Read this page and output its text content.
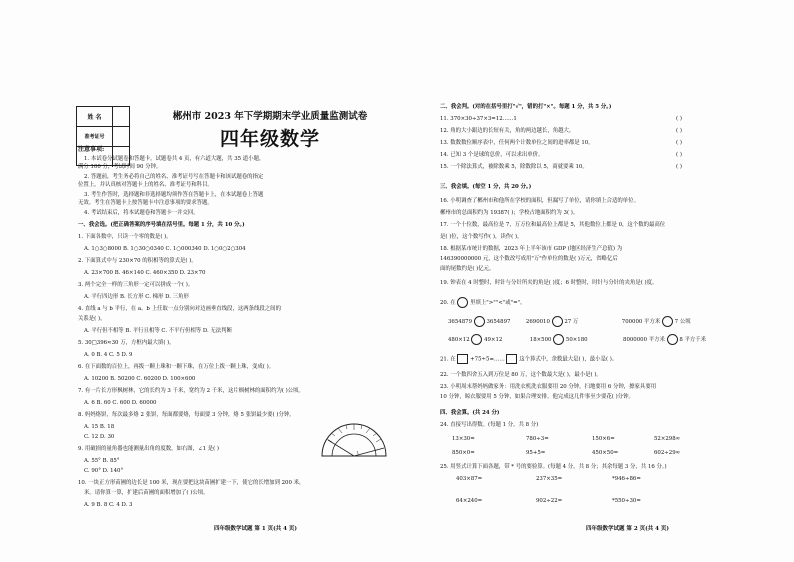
姓 名
准考证号
郴州市 2023 年下学期期末学业质量监测试卷
四年级数学
注意事项:
1. 本试卷分试题卷和答题卡。试题卷共 4 页，有六道大题，共 35 道小题，
满分 100 分，考试时间 90 分钟。
2. 答题前，考生务必将自己的姓名、准考证号写在答题卡和该试题卷的指定
位置上，并认真核对答题卡上的姓名、准考证号和科目。
3. 考生作答时，选择题和非选择题均须作答在答题卡上，在本试题卷上答题
无效。考生在答题卡上按答题卡中注意事项的要求答题。
4. 考试结束后，将本试题卷和答题卡一并交回。
一、我会选。(把正确答案的序号填在括号里。每题 1 分，共 10 分。)
1. 下面各数中，只读一个零的数是( )。
A. 1○3○8000 B. 1○30○0340 C. 1○000340 D. 1○0○2○304
2. 下面算式中与 230×70 的积相等的算式是( )。
A. 23×700 B. 46×140 C. 460×350 D. 23×70
3. 两个完全一样的三角形一定可以拼成一个( )。
A. 平行四边形 B. 长方形 C. 梯形 D. 三角形
4. 直线 a 与 b 平行，在 a、b 上任取一点分别向对边画垂直线段，这两条线段之间的
关系是( )。
A. 平行但不相等 B. 平行且相等 C. 不平行但相等 D. 无法判断
5. 30□396≈30 万，方框内最大填( )。
A. 0 B. 4 C. 5 D. 9
6. 在下面数的百位上，再拨一颗上珠和一颗下珠，在万位上拨一颗上珠，变成( )。
A. 10200 B. 50200 C. 60200 D. 100×600
7. 有一片长方形枫树林，它的长约为 3 千米，宽约为 2 千米，这片枫树林的面积约为( )公顷。
A. 6 B. 60 C. 600 D. 60000
8. 妈妈烙饼，每次最多烙 2 张饼，每面都要烙，每面要 3 分钟，烙 5 张饼最少要( )分钟。
A. 15 B. 18
C. 12 D. 30
9. 用破损的量角器也能测量出角的度数，如右图，∠1 是( )
A. 55° B. 85°
C. 90° D. 140°
10. 一块正方形苗圃的边长是 100 米，现在要把这块苗圃扩建一下，使它的长增加到 200 米，
米。请你算一算，扩建后苗圃的面积增加了( )公顷。
A. 9 B. 8 C. 4 D. 3
四年级数学试题 第 1 页(共 4 页)
二、我会判。(对的在括号里打"√"，错的打"×"。每题 1 分，共 5 分。)
11. 370×30÷37×3=12……1	( )
12. 角的大小跟边的长短有关，角的两边越长，角越大。	( )
13. 数数数位顺序表中，任何两个计数单位之间的进率都是 10。	( )
14. 已知 3 个是球的总价，可以求出单价。	( )
15. 一个除法算式，被除数乘 5，除数除以 5，商就要乘 10。	( )
三、我会填。(每空 1 分，共 20 分。)
16. 小明调查了郴州市和他所在学校的面积，但漏写了单位，请你填上合适的单位。
郴州市的总面积约为 19387( )；学校占地面积约为 3( )。
17. 一个十位数，最高位是 7，万万位和最高位上都是 5，其他数位上都是 0，这个数的最高位
是( )位，这个数写作( )，读作( )。
18. 根据某市统计的数据，2023 年上半年该市 GDP (地区经济生产总值) 为
146390000000 元，这个数改写成用"万"作单位的数是( )万元，省略亿后
面的尾数约是( )亿元。
19. 钟表在 4 时整时，时针与分针所夹的角是( )度；6 时整时，时针与分针的夹角是( )度。
20. 在	里填上">""<"或"="。
3654879	3654897	2690010	27 万	700000 平方米	7 公顷
480×12	49×12	18×500	50×180	8000000 平方米	8 平方千米
21. 在	+75÷5=……	这个算式中，余数最大是( )，最小是( )。
22. 一个数四舍五入到万位是 80 万，这个数最大是( )，最小是( )。
23. 小明周末帮妈妈做家务：用洗衣机洗衣服要用 20 分钟，扫地要用 6 分钟，擦家具要用
10 分钟，晾衣服要用 5 分钟，如果合理安排，他完成这几件事至少要花( )分钟。
四、我会算。(共 24 分)
24. 直接写出得数。(每题 1 分，共 8 分)
13×30=	780÷3=	150×6=	52×298≈
850×0=	95+5=	450×50=	602÷29≈
25. 用竖式计算下面各题，带 * 号的要验算。(每题 4 分，共 8 分；其余每题 3 分，共 16 分。)
403×87=	237×35=	*946÷86=
64×240=	902÷22=	*550÷30=
四年级数学试题 第 2 页(共 4 页)
